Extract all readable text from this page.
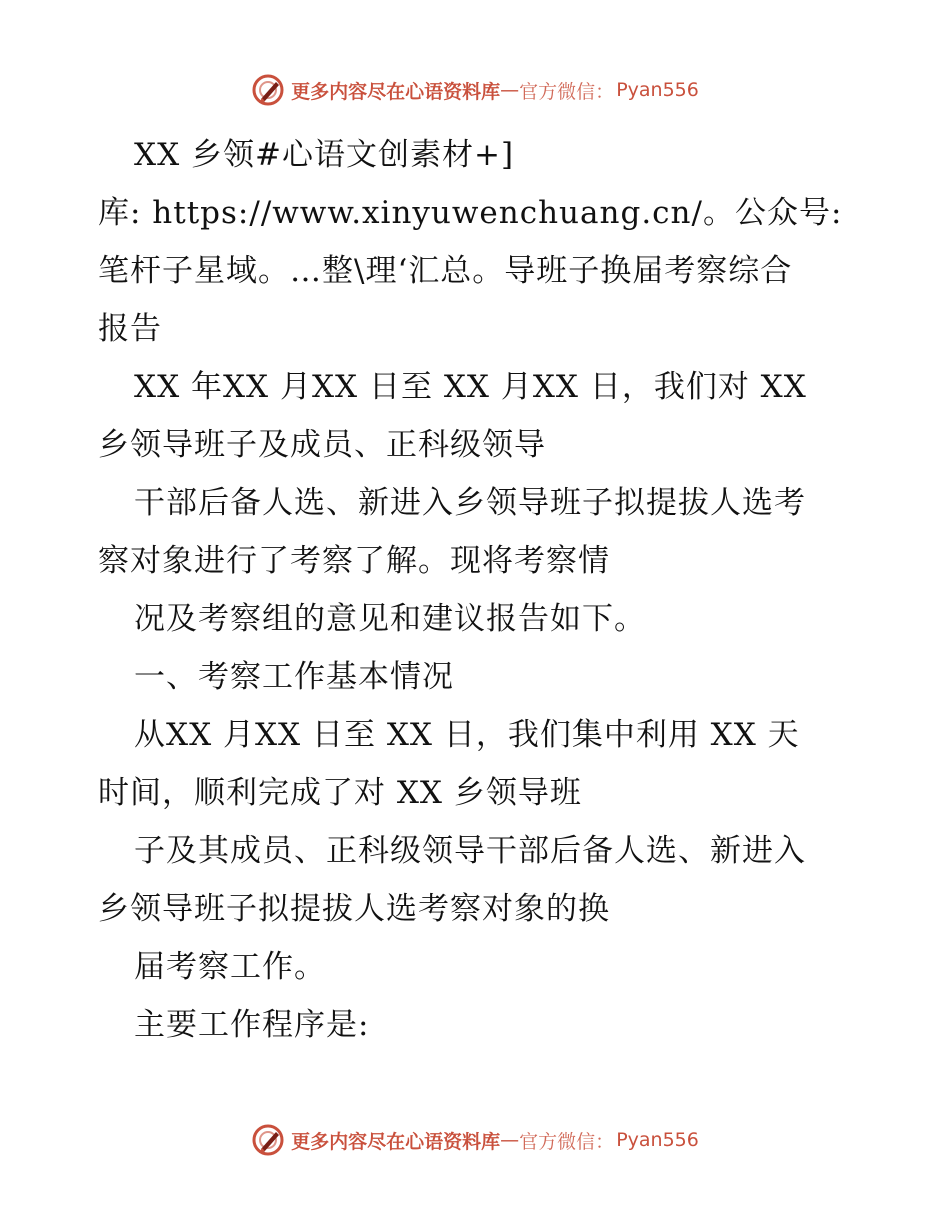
更多内容尽在心语资料库 — 官方微信： Pyan556
XX 乡领#心语文创素材+]
库: https://www.xinyuwenchuang.cn/。公众号:
笔杆子星域。…整\理‘汇总。导班子换届考察综合
报告
XX 年XX 月XX 日至 XX 月XX 日，我们对 XX
乡领导班子及成员、正科级领导
干部后备人选、新进入乡领导班子拟提拔人选考
察对象进行了考察了解。现将考察情
况及考察组的意见和建议报告如下。
一、考察工作基本情况
从XX 月XX 日至 XX 日，我们集中利用 XX 天
时间，顺利完成了对 XX 乡领导班
子及其成员、正科级领导干部后备人选、新进入
乡领导班子拟提拔人选考察对象的换
届考察工作。
主要工作程序是:
更多内容尽在心语资料库 — 官方微信： Pyan556
